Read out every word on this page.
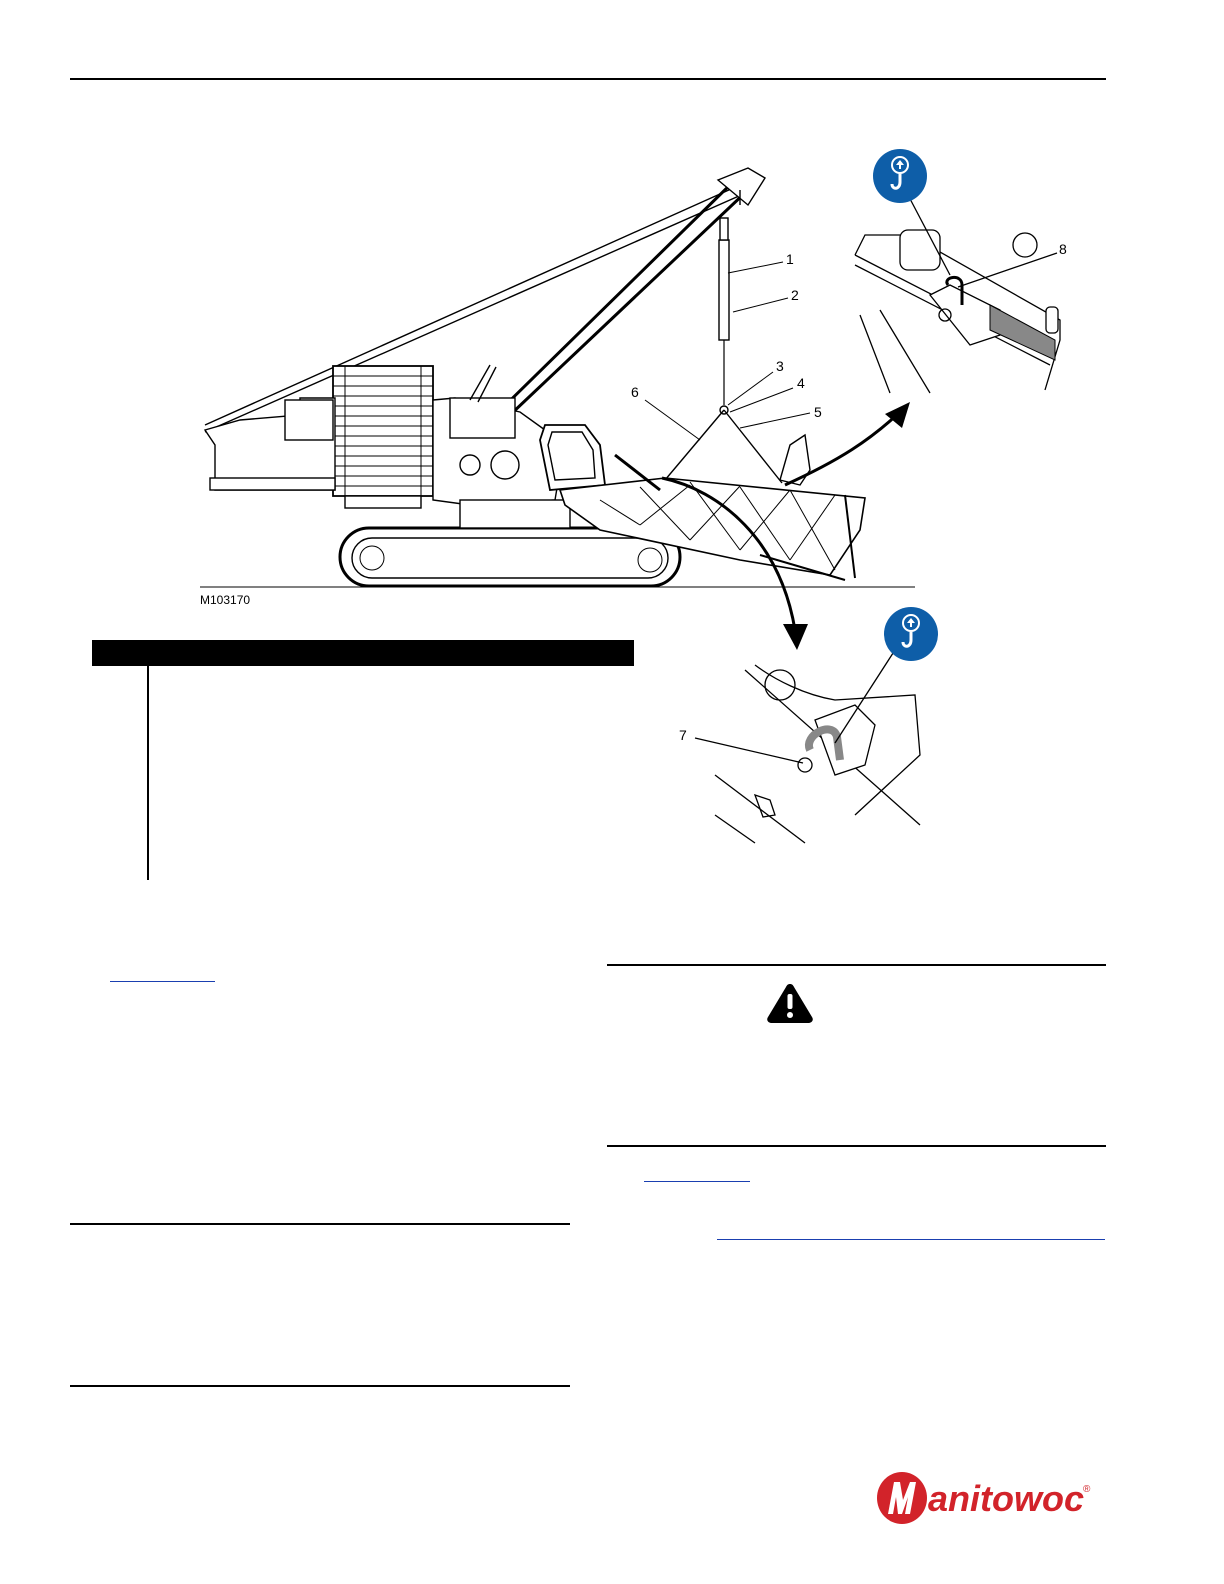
M103170
1
2
3
4
5
6
7
8
anitowoc
®
